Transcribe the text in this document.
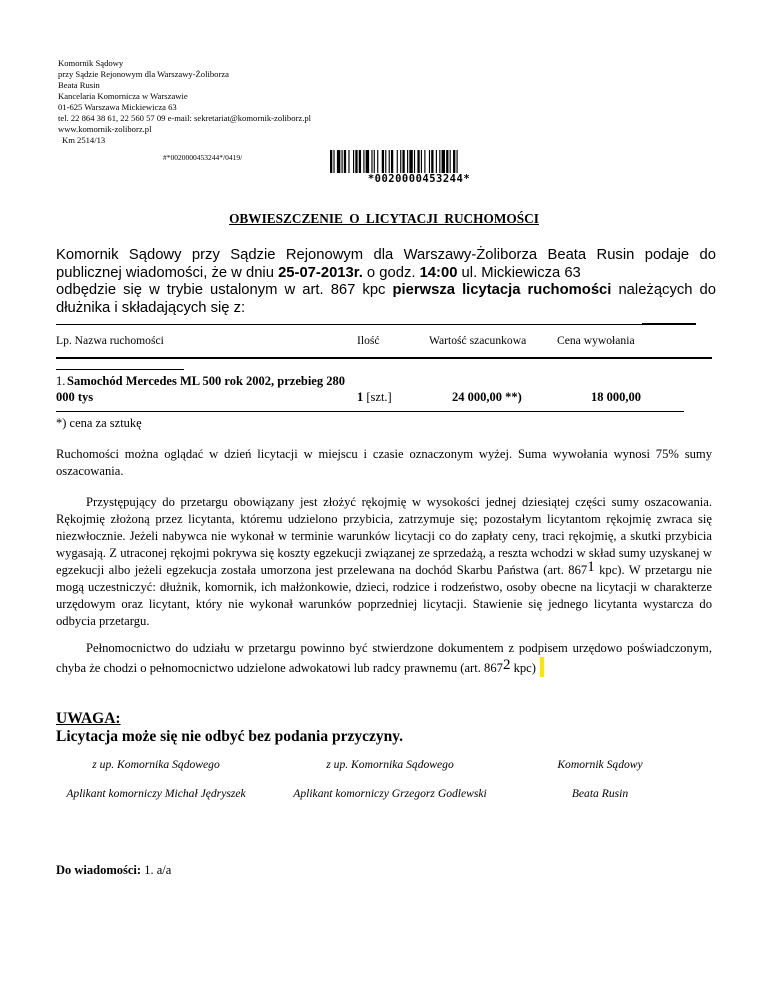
Komornik Sądowy
przy Sądzie Rejonowym dla Warszawy-Żoliborza
Beata Rusin
Kancelaria Komornicza w Warszawie
01-625 Warszawa Mickiewicza 63
tel. 22 864 38 61, 22 560 57 09 e-mail: sekretariat@komornik-zoliborz.pl
www.komornik-zoliborz.pl
Km 2514/13
#*0020000453244*/0419/
*0020000453244*
OBWIESZCZENIE O LICYTACJI RUCHOMOŚCI

Komornik Sądowy przy Sądzie Rejonowym dla Warszawy-Żoliborza Beata Rusin podaje do publicznej wiadomości, że w dniu 25-07-2013r. o godz. 14:00 ul. Mickiewicza 63

odbędzie się w trybie ustalonym w art. 867 kpc pierwsza licytacja ruchomości należących do dłużnika i składających się z:

Lp. Nazwa ruchomości	Ilość	Wartość szacunkowa	Cena wywołania
1. Samochód Mercedes ML 500 rok 2002, przebieg 280
000 tys	1 [szt.]	24 000,00 **)	18 000,00
*) cena za sztukę

Ruchomości można oglądać w dzień licytacji w miejscu i czasie oznaczonym wyżej. Suma wywołania wynosi 75% sumy oszacowania.

Przystępujący do przetargu obowiązany jest złożyć rękojmię w wysokości jednej dziesiątej części sumy oszacowania. Rękojmię złożoną przez licytanta, któremu udzielono przybicia, zatrzymuje się; pozostałym licytantom rękojmię zwraca się niezwłocznie. Jeżeli nabywca nie wykonał w terminie warunków licytacji co do zapłaty ceny, traci rękojmię, a skutki przybicia wygasają. Z utraconej rękojmi pokrywa się koszty egzekucji związanej ze sprzedażą, a reszta wchodzi w skład sumy uzyskanej w egzekucji albo jeżeli egzekucja została umorzona jest przelewana na dochód Skarbu Państwa (art. 8671 kpc). W przetargu nie mogą uczestniczyć: dłużnik, komornik, ich małżonkowie, dzieci, rodzice i rodzeństwo, osoby obecne na licytacji w charakterze urzędowym oraz licytant, który nie wykonał warunków poprzedniej licytacji. Stawienie się jednego licytanta wystarcza do odbycia przetargu.

Pełnomocnictwo do udziału w przetargu powinno być stwierdzone dokumentem z podpisem urzędowo poświadczonym, chyba że chodzi o pełnomocnictwo udzielone adwokatowi lub radcy prawnemu (art. 8672 kpc)

UWAGA:
Licytacja może się nie odbyć bez podania przyczyny.
z up. Komornika Sądowego
Aplikant komorniczy Michał Jędryszek
z up. Komornika Sądowego
Aplikant komorniczy Grzegorz Godlewski
Komornik Sądowy
Beata Rusin
Do wiadomości: 1. a/a
